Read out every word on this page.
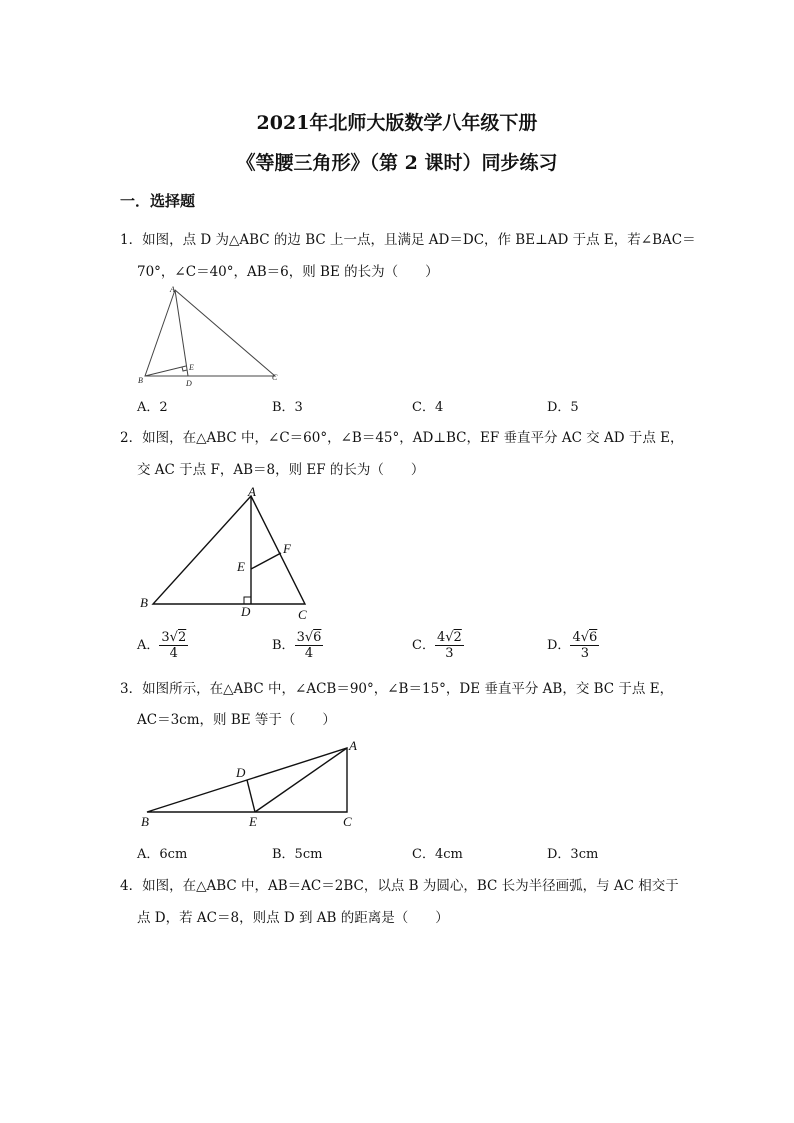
2021年北师大版数学八年级下册
《等腰三角形》（第 2 课时）同步练习
一．选择题
1．如图，点 D 为△ABC 的边 BC 上一点，且满足 AD＝DC，作 BE⊥AD 于点 E，若∠BAC＝
70°，∠C＝40°，AB＝6，则 BE 的长为（　　）
A
B	D
E
C
A．2	B．3	C．4	D．5
2．如图，在△ABC 中，∠C＝60°，∠B＝45°，AD⊥BC，EF 垂直平分 AC 交 AD 于点 E，
交 AC 于点 F，AB＝8，则 EF 的长为（　　）
A
B
D	C
E
F
A． $\frac{3√2}{4}$	B． $\frac{3√6}{4}$	C． $\frac{4√2}{3}$	D． $\frac{4√6}{3}$
3．如图所示，在△ABC 中，∠ACB＝90°，∠B＝15°，DE 垂直平分 AB，交 BC 于点 E，
AC＝3cm，则 BE 等于（　　）
A
D
B	E	C
A．6cm	B．5cm	C．4cm	D．3cm
4．如图，在△ABC 中，AB＝AC＝2BC，以点 B 为圆心，BC 长为半径画弧，与 AC 相交于
点 D，若 AC＝8，则点 D 到 AB 的距离是（　　）
